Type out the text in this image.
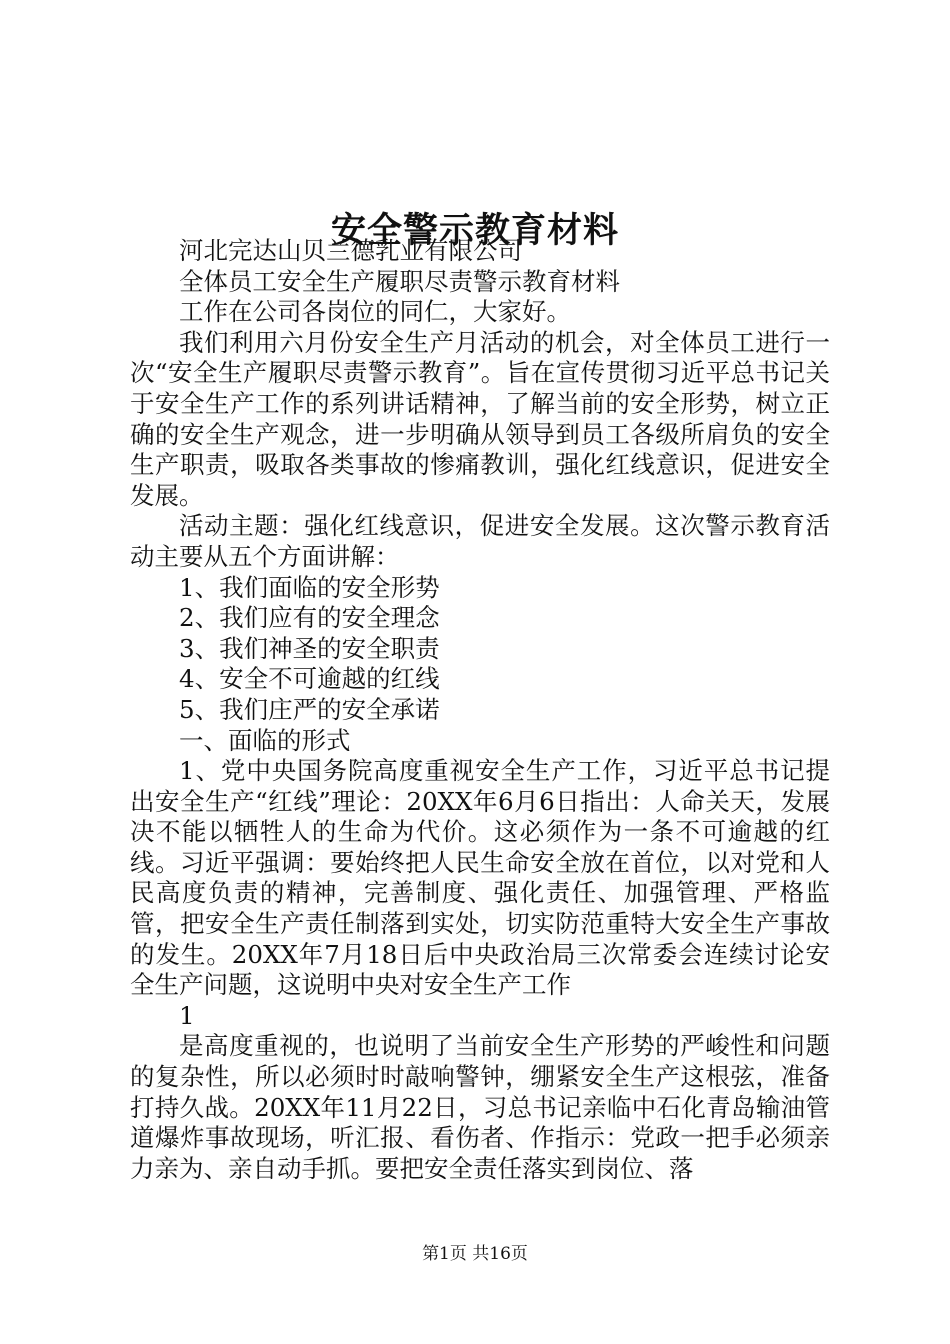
安全警示教育材料

河北完达山贝兰德乳业有限公司

全体员工安全生产履职尽责警示教育材料

工作在公司各岗位的同仁，大家好。

我们利用六月份安全生产月活动的机会，对全体员工进行一次“安全生产履职尽责警示教育”。旨在宣传贯彻习近平总书记关于安全生产工作的系列讲话精神，了解当前的安全形势，树立正确的安全生产观念，进一步明确从领导到员工各级所肩负的安全生产职责，吸取各类事故的惨痛教训，强化红线意识，促进安全发展。

活动主题：强化红线意识，促进安全发展。这次警示教育活动主要从五个方面讲解：

1、我们面临的安全形势

2、我们应有的安全理念

3、我们神圣的安全职责

4、安全不可逾越的红线

5、我们庄严的安全承诺

一、面临的形式

1、党中央国务院高度重视安全生产工作，习近平总书记提出安全生产“红线”理论：20XX年6月6日指出：人命关天，发展决不能以牺牲人的生命为代价。这必须作为一条不可逾越的红线。习近平强调：要始终把人民生命安全放在首位，以对党和人民高度负责的精神，完善制度、强化责任、加强管理、严格监管，把安全生产责任制落到实处，切实防范重特大安全生产事故的发生。20XX年7月18日后中央政治局三次常委会连续讨论安全生产问题，这说明中央对安全生产工作

1

是高度重视的，也说明了当前安全生产形势的严峻性和问题的复杂性，所以必须时时敲响警钟，绷紧安全生产这根弦，准备打持久战。20XX年11月22日，习总书记亲临中石化青岛输油管道爆炸事故现场，听汇报、看伤者、作指示：党政一把手必须亲力亲为、亲自动手抓。要把安全责任落实到岗位、落

第1页 共16页
